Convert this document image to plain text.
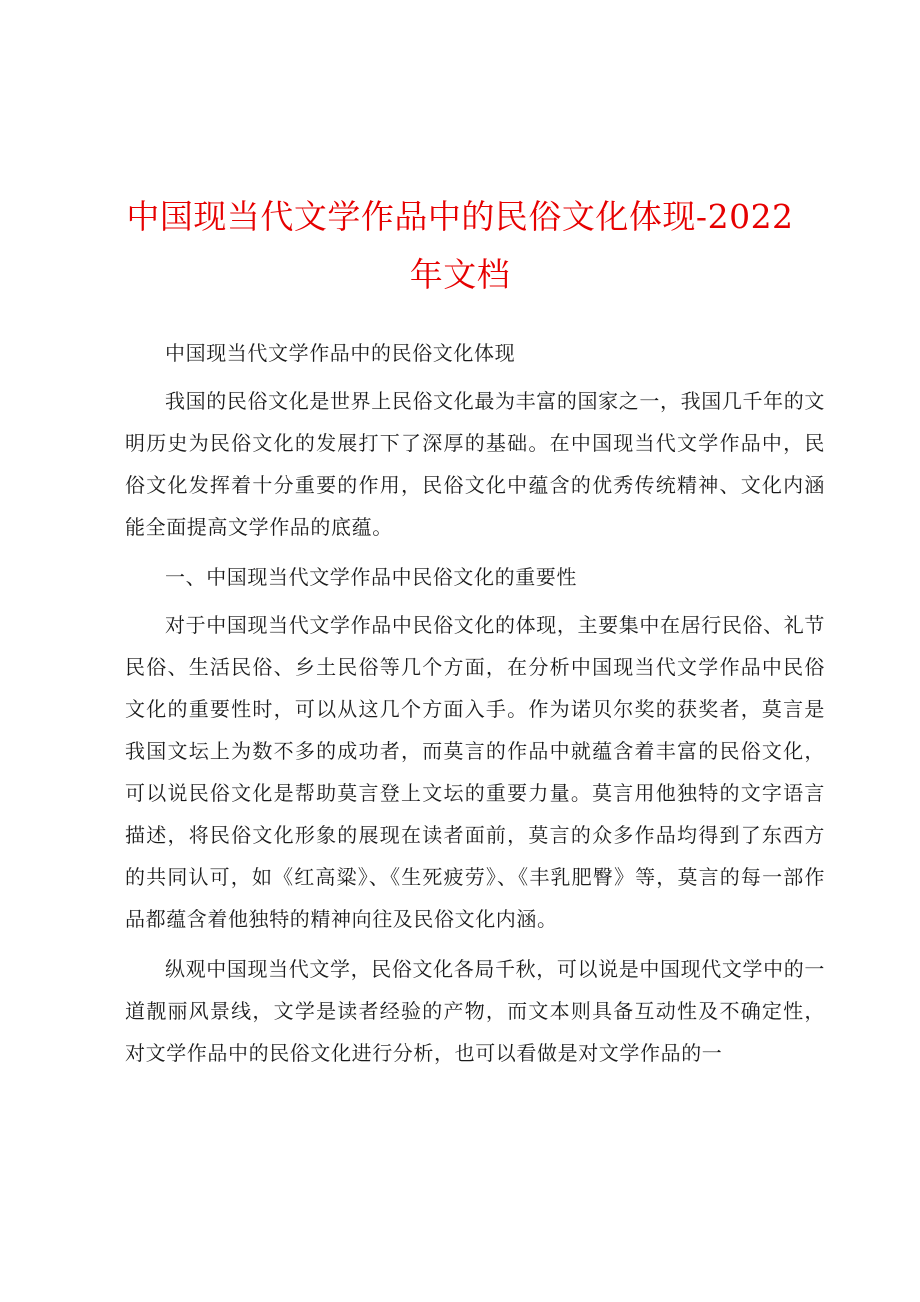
中国现当代文学作品中的民俗文化体现-2022
年文档

中国现当代文学作品中的民俗文化体现

我国的民俗文化是世界上民俗文化最为丰富的国家之一，我国几千年的文明历史为民俗文化的发展打下了深厚的基础。在中国现当代文学作品中，民俗文化发挥着十分重要的作用，民俗文化中蕴含的优秀传统精神、文化内涵能全面提高文学作品的底蕴。

一、中国现当代文学作品中民俗文化的重要性

对于中国现当代文学作品中民俗文化的体现，主要集中在居行民俗、礼节民俗、生活民俗、乡土民俗等几个方面，在分析中国现当代文学作品中民俗文化的重要性时，可以从这几个方面入手。作为诺贝尔奖的获奖者，莫言是我国文坛上为数不多的成功者，而莫言的作品中就蕴含着丰富的民俗文化，可以说民俗文化是帮助莫言登上文坛的重要力量。莫言用他独特的文字语言描述，将民俗文化形象的展现在读者面前，莫言的众多作品均得到了东西方的共同认可，如《红高粱》、《生死疲劳》、《丰乳肥臀》等，莫言的每一部作品都蕴含着他独特的精神向往及民俗文化内涵。

纵观中国现当代文学，民俗文化各局千秋，可以说是中国现代文学中的一道靓丽风景线，文学是读者经验的产物，而文本则具备互动性及不确定性，对文学作品中的民俗文化进行分析，也可以看做是对文学作品的一
